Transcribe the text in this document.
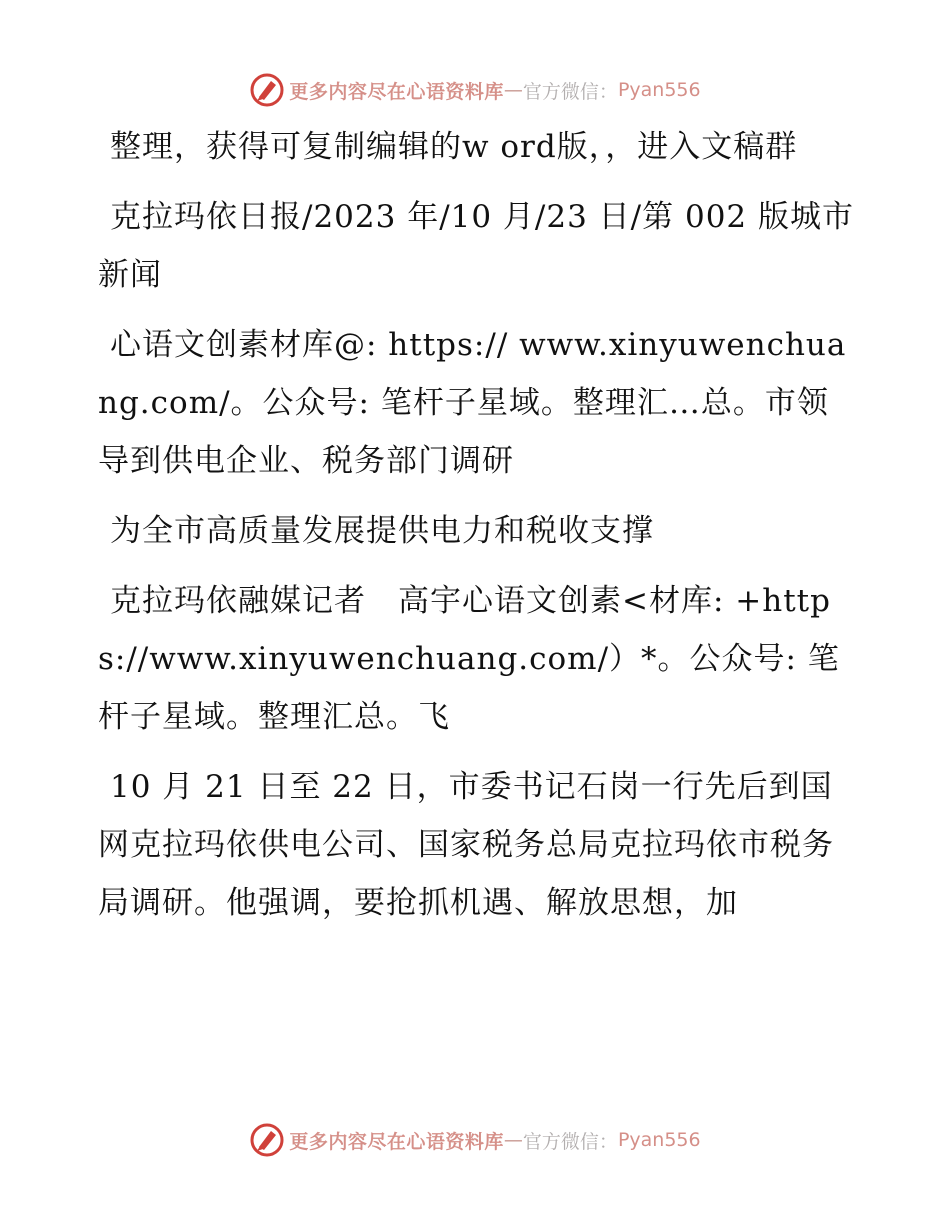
更多内容尽在心语资料库 — 官方微信： Pyan556

整理，获得可复制编辑的w ord版，，进入文稿群

克拉玛依日报/2023 年/10 月/23 日/第 002 版城市新闻

心语文创素材库@: https:// www.xinyuwenchuang.com/。公众号: 笔杆子星域。整理汇…总。市领导到供电企业、税务部门调研

为全市高质量发展提供电力和税收支撑

克拉玛依融媒记者　高宇心语文创素<材库: +https://www.xinyuwenchuang.com/）*。公众号: 笔杆子星域。整理汇总。飞

10 月 21 日至 22 日，市委书记石岗一行先后到国网克拉玛依供电公司、国家税务总局克拉玛依市税务局调研。他强调，要抢抓机遇、解放思想，加

更多内容尽在心语资料库 — 官方微信： Pyan556
